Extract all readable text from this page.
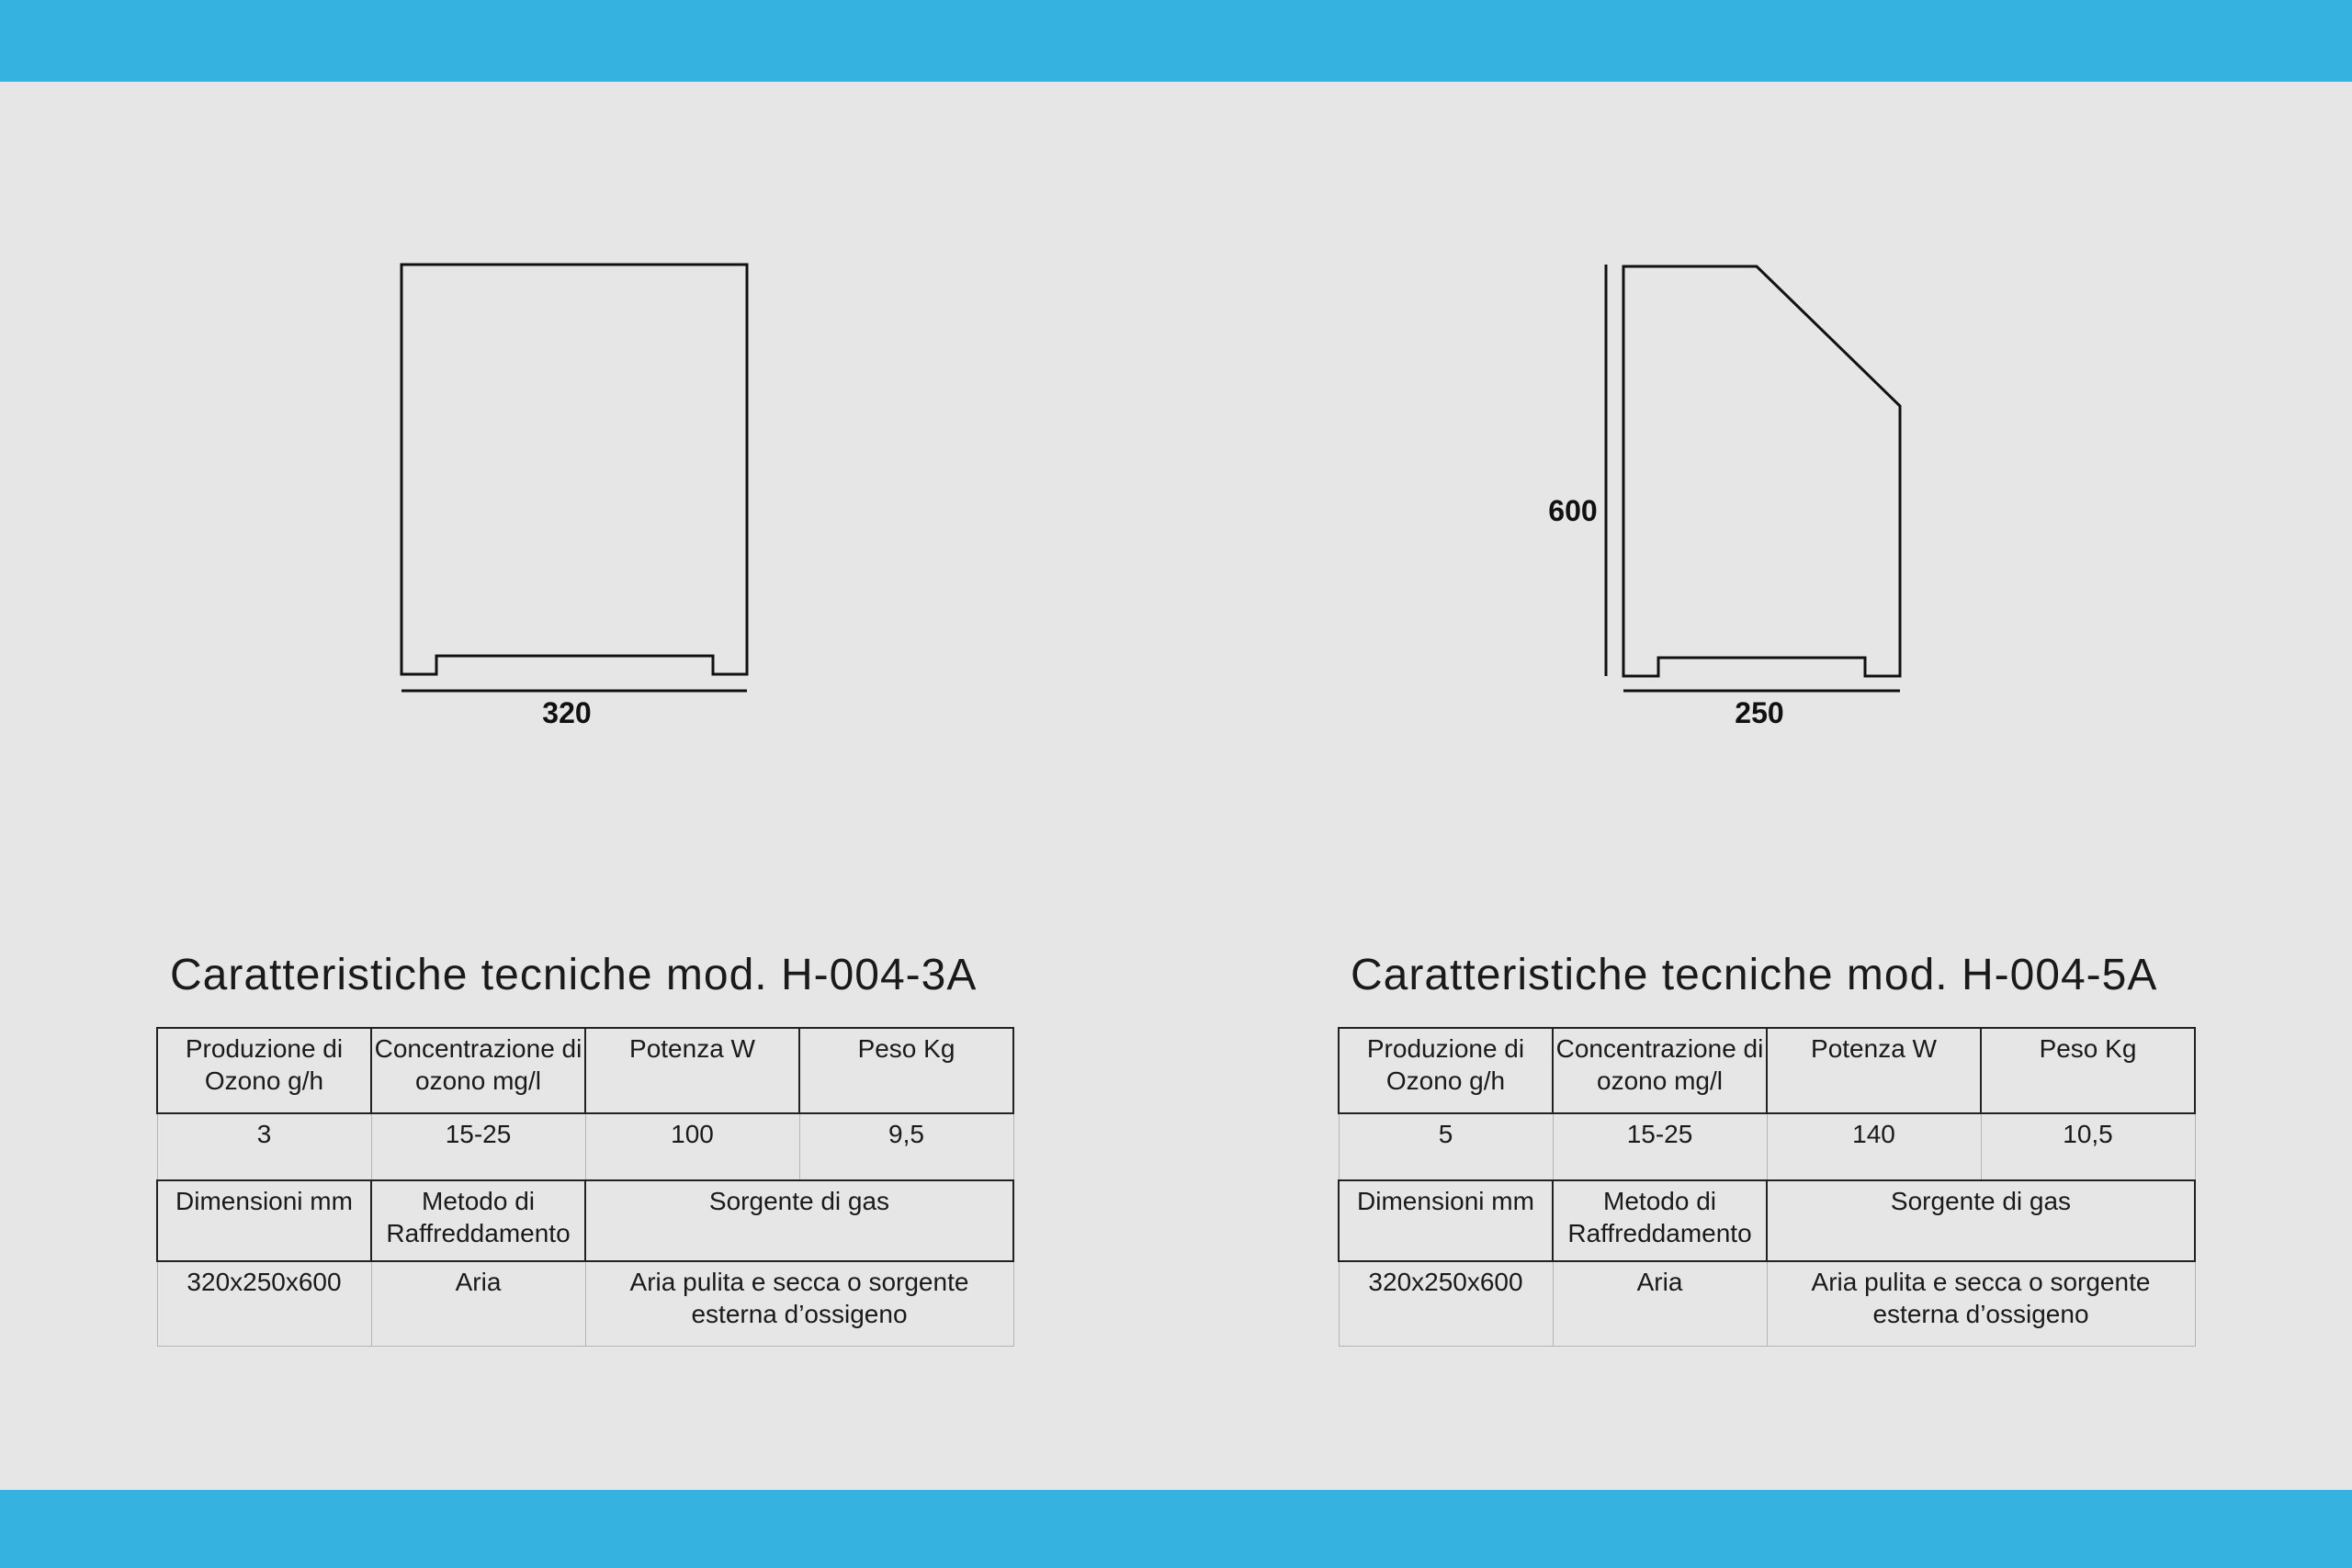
320	250
600
Caratteristiche tecniche mod. H-004-3A
Produzione di Ozono g/h	Concentrazione di ozono mg/l	Potenza W	Peso Kg
3	15-25	100	9,5
Dimensioni mm	Metodo di Raffreddamento	Sorgente di gas	
320x250x600	Aria	Aria pulita e secca o sorgente esterna d’ossigeno	
Caratteristiche tecniche mod. H-004-5A
Produzione di Ozono g/h	Concentrazione di ozono mg/l	Potenza W	Peso Kg
5	15-25	140	10,5
Dimensioni mm	Metodo di Raffreddamento	Sorgente di gas	
320x250x600	Aria	Aria pulita e secca o sorgente esterna d’ossigeno	
